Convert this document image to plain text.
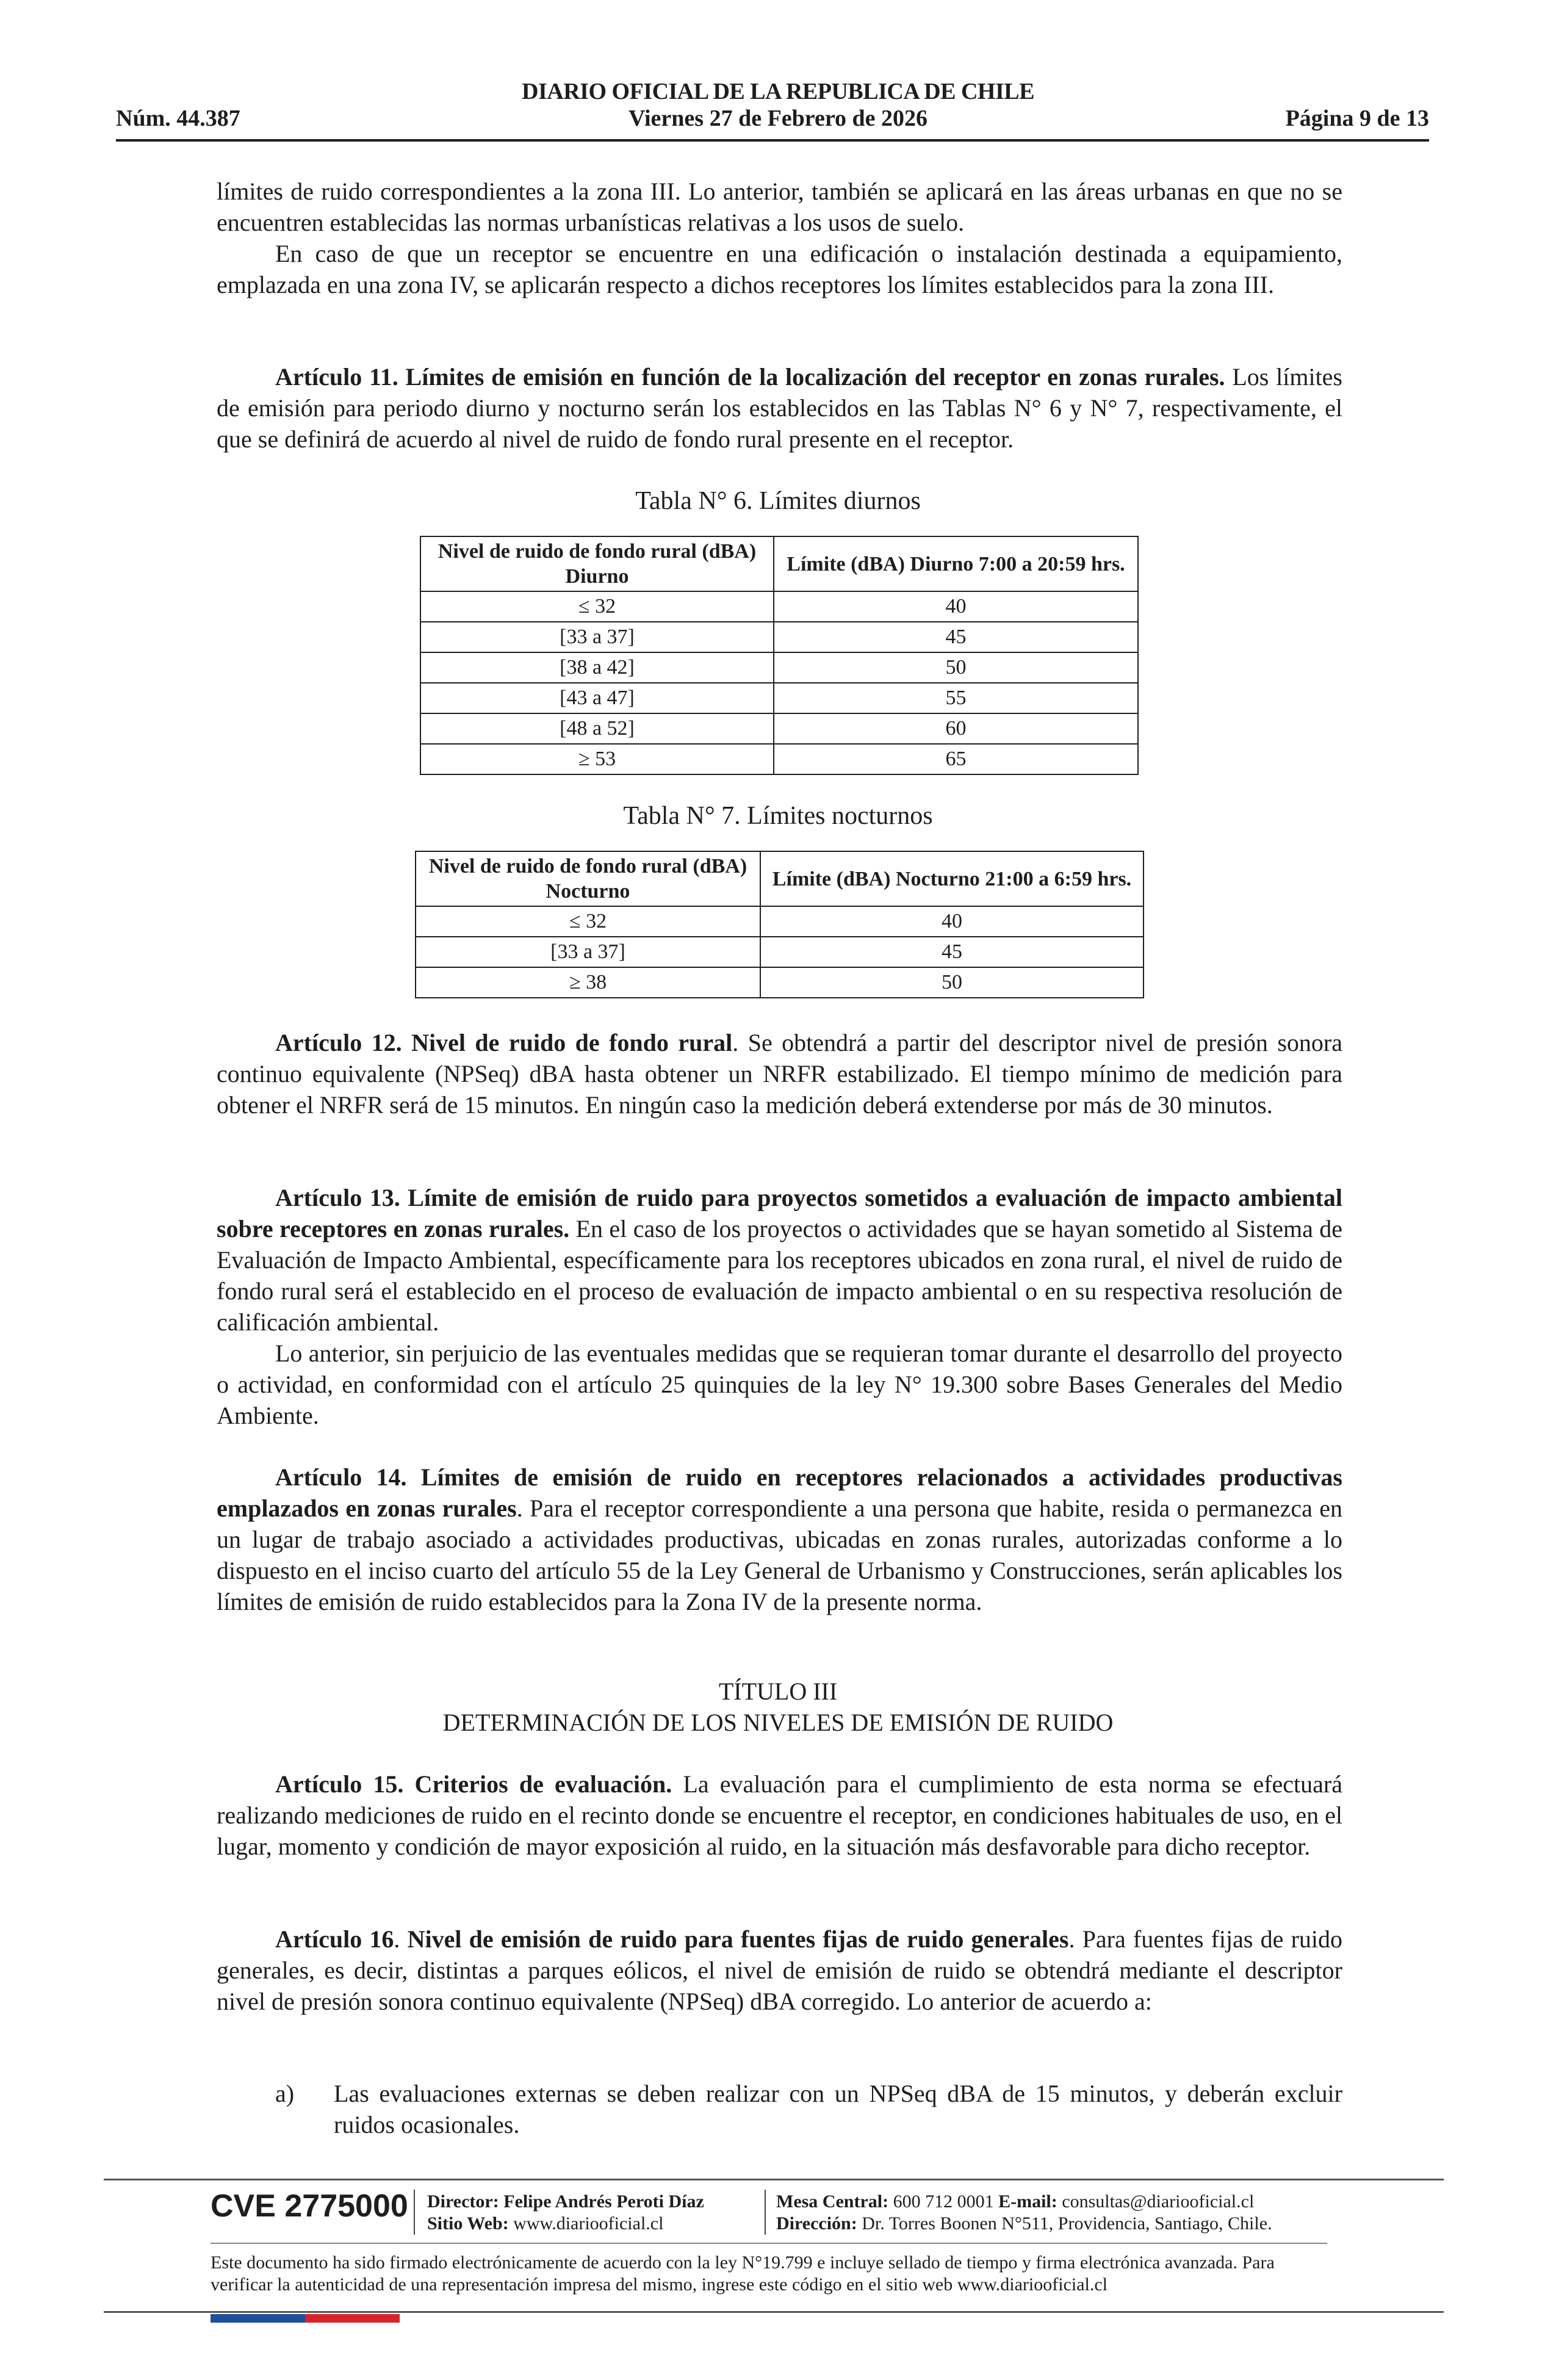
DIARIO OFICIAL DE LA REPUBLICA DE CHILE
Viernes 27 de Febrero de 2026
Núm. 44.387	Página 9 de 13

límites de ruido correspondientes a la zona III. Lo anterior, también se aplicará en las áreas urbanas en que no se encuentren establecidas las normas urbanísticas relativas a los usos de suelo.

En caso de que un receptor se encuentre en una edificación o instalación destinada a equipamiento, emplazada en una zona IV, se aplicarán respecto a dichos receptores los límites establecidos para la zona III.

Artículo 11. Límites de emisión en función de la localización del receptor en zonas rurales. Los límites de emisión para periodo diurno y nocturno serán los establecidos en las Tablas N° 6 y N° 7, respectivamente, el que se definirá de acuerdo al nivel de ruido de fondo rural presente en el receptor.

Tabla N° 6. Límites diurnos
Nivel de ruido de fondo rural (dBA) Diurno	Límite (dBA) Diurno 7:00 a 20:59 hrs.
≤ 32	40
[33 a 37]	45
[38 a 42]	50
[43 a 47]	55
[48 a 52]	60
≥ 53	65
Tabla N° 7. Límites nocturnos
Nivel de ruido de fondo rural (dBA) Nocturno	Límite (dBA) Nocturno 21:00 a 6:59 hrs.
≤ 32	40
[33 a 37]	45
≥ 38	50

Artículo 12. Nivel de ruido de fondo rural. Se obtendrá a partir del descriptor nivel de presión sonora continuo equivalente (NPSeq) dBA hasta obtener un NRFR estabilizado. El tiempo mínimo de medición para obtener el NRFR será de 15 minutos. En ningún caso la medición deberá extenderse por más de 30 minutos.

Artículo 13. Límite de emisión de ruido para proyectos sometidos a evaluación de impacto ambiental sobre receptores en zonas rurales. En el caso de los proyectos o actividades que se hayan sometido al Sistema de Evaluación de Impacto Ambiental, específicamente para los receptores ubicados en zona rural, el nivel de ruido de fondo rural será el establecido en el proceso de evaluación de impacto ambiental o en su respectiva resolución de calificación ambiental.

Lo anterior, sin perjuicio de las eventuales medidas que se requieran tomar durante el desarrollo del proyecto o actividad, en conformidad con el artículo 25 quinquies de la ley N° 19.300 sobre Bases Generales del Medio Ambiente.

Artículo 14. Límites de emisión de ruido en receptores relacionados a actividades productivas emplazados en zonas rurales. Para el receptor correspondiente a una persona que habite, resida o permanezca en un lugar de trabajo asociado a actividades productivas, ubicadas en zonas rurales, autorizadas conforme a lo dispuesto en el inciso cuarto del artículo 55 de la Ley General de Urbanismo y Construcciones, serán aplicables los límites de emisión de ruido establecidos para la Zona IV de la presente norma.

TÍTULO III
DETERMINACIÓN DE LOS NIVELES DE EMISIÓN DE RUIDO

Artículo 15. Criterios de evaluación. La evaluación para el cumplimiento de esta norma se efectuará realizando mediciones de ruido en el recinto donde se encuentre el receptor, en condiciones habituales de uso, en el lugar, momento y condición de mayor exposición al ruido, en la situación más desfavorable para dicho receptor.

Artículo 16. Nivel de emisión de ruido para fuentes fijas de ruido generales. Para fuentes fijas de ruido generales, es decir, distintas a parques eólicos, el nivel de emisión de ruido se obtendrá mediante el descriptor nivel de presión sonora continuo equivalente (NPSeq) dBA corregido. Lo anterior de acuerdo a:

a) Las evaluaciones externas se deben realizar con un NPSeq dBA de 15 minutos, y deberán excluir ruidos ocasionales.
CVE 2775000 Director: Felipe Andrés Peroti Díaz
Sitio Web: www.diariooficial.cl
Mesa Central: 600 712 0001 E-mail: consultas@diariooficial.cl
Dirección: Dr. Torres Boonen N°511, Providencia, Santiago, Chile.
Este documento ha sido firmado electrónicamente de acuerdo con la ley N°19.799 e incluye sellado de tiempo y firma electrónica avanzada. Para verificar la autenticidad de una representación impresa del mismo, ingrese este código en el sitio web www.diariooficial.cl
